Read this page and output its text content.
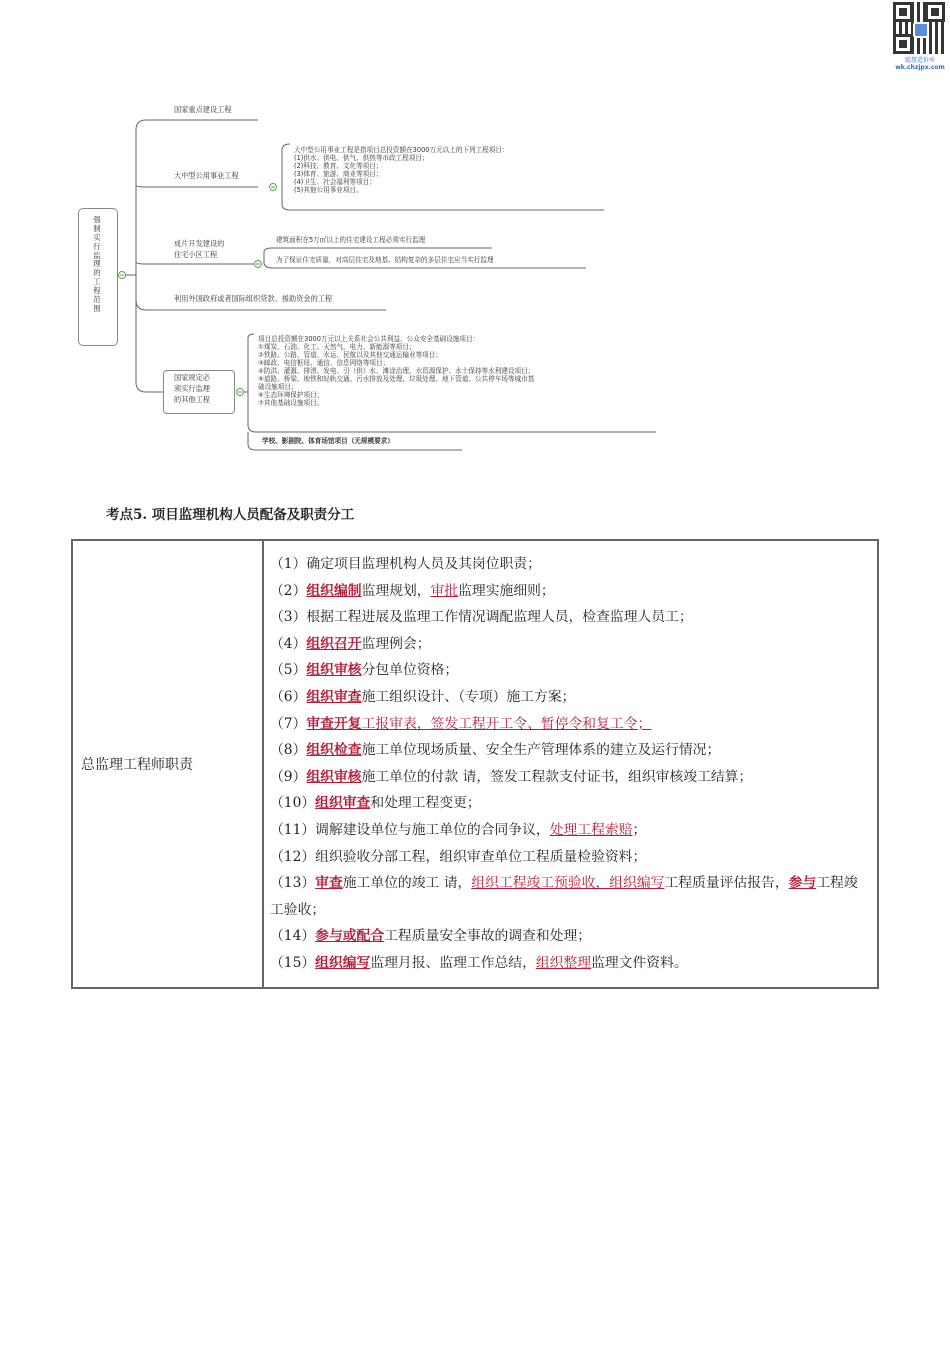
聪慧造价库
wk.chzjpx.com
强制实行监理的工程范围
国家重点建设工程
大中型公用事业工程
大中型公用事业工程是指项目总投资额在3000万元以上的下列工程项目：
(1)供水、供电、供气、供热等市政工程项目；
(2)科技、教育、文化等项目；
(3)体育、旅游、商业等项目；
(4)卫生、社会福利等项目；
(5)其他公用事业项目。
成片开发建设的
住宅小区工程
建筑面积在5万㎡以上的住宅建设工程必须实行监理
为了保证住宅质量，对高层住宅及地基、结构复杂的多层住宅应当实行监理
利用外国政府或者国际组织贷款、援助资金的工程
国家规定必
须实行监理
的其他工程
项目总投资额在3000万元以上关系社会公共利益、公众安全基础设施项目：
①煤炭、石油、化工、天然气、电力、新能源等项目；
②铁路、公路、管道、水运、民航以及其他交通运输业等项目；
③邮政、电信枢纽、通信、信息网络等项目；
④防洪、灌溉、排涝、发电、引（供）水、滩涂治理、水资源保护、水土保持等水利建设项目；
⑤道路、桥梁、地铁和轻轨交通、污水排放及处理、垃圾处理、地下管道、公共停车场等城市基
础设施项目；
⑥生态环境保护项目；
⑦其他基础设施项目。
学校、影剧院、体育场馆项目（无规模要求）
考点5. 项目监理机构人员配备及职责分工
总监理工程师职责	
（1）确定项目监理机构人员及其岗位职责；
（2）组织编制监理规划，审批监理实施细则；
（3）根据工程进展及监理工作情况调配监理人员，检查监理人员工；
（4）组织召开监理例会；
（5）组织审核分包单位资格；
（6）组织审查施工组织设计、（专项）施工方案；
（7）审查开复工报审表，签发工程开工令、暂停令和复工令；
（8）组织检查施工单位现场质量、安全生产管理体系的建立及运行情况；
（9）组织审核施工单位的付款 请，签发工程款支付证书，组织审核竣工结算；
（10）组织审查和处理工程变更；
（11）调解建设单位与施工单位的合同争议，处理工程索赔；
（12）组织验收分部工程，组织审查单位工程质量检验资料；
（13）审查施工单位的竣工 请，组织工程竣工预验收，组织编写工程质量评估报告，参与工程竣工验收；
（14）参与或配合工程质量安全事故的调查和处理；
（15）组织编写监理月报、监理工作总结，组织整理监理文件资料。
